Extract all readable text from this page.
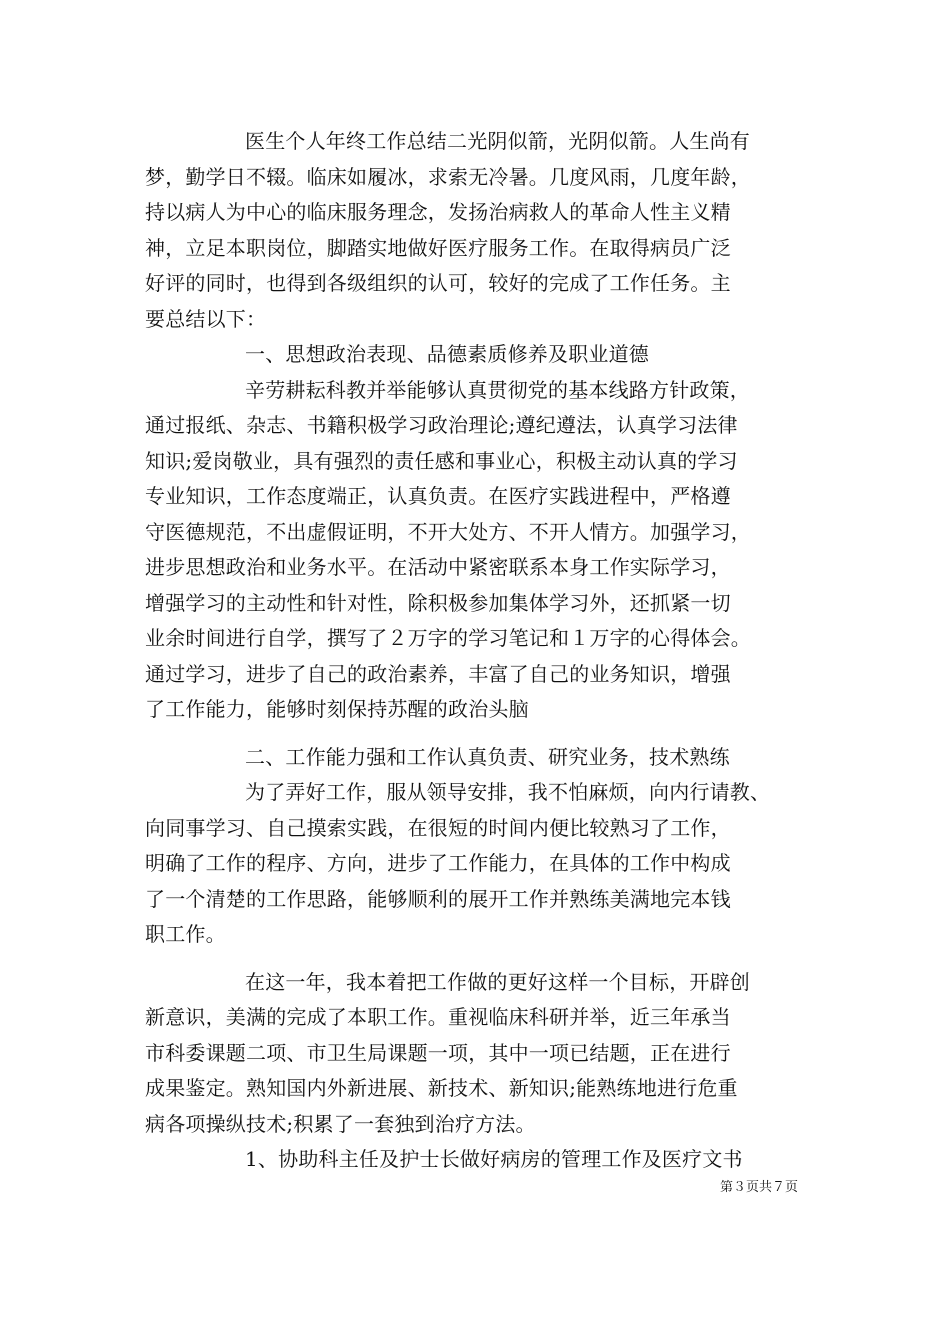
医生个人年终工作总结二光阴似箭，光阴似箭。人生尚有
梦，勤学日不辍。临床如履冰，求索无冷暑。几度风雨，几度年龄，
持以病人为中心的临床服务理念，发扬治病救人的革命人性主义精
神，立足本职岗位，脚踏实地做好医疗服务工作。在取得病员广泛
好评的同时，也得到各级组织的认可，较好的完成了工作任务。主
要总结以下：
一、思想政治表现、品德素质修养及职业道德
辛劳耕耘科教并举能够认真贯彻党的基本线路方针政策，
通过报纸、杂志、书籍积极学习政治理论;遵纪遵法，认真学习法律
知识;爱岗敬业，具有强烈的责任感和事业心，积极主动认真的学习
专业知识，工作态度端正，认真负责。在医疗实践进程中，严格遵
守医德规范，不出虚假证明，不开大处方、不开人情方。加强学习，
进步思想政治和业务水平。在活动中紧密联系本身工作实际学习，
增强学习的主动性和针对性，除积极参加集体学习外，还抓紧一切
业余时间进行自学，撰写了２万字的学习笔记和１万字的心得体会。
通过学习，进步了自己的政治素养，丰富了自己的业务知识，增强
了工作能力，能够时刻保持苏醒的政治头脑
二、工作能力强和工作认真负责、研究业务，技术熟练
为了弄好工作，服从领导安排，我不怕麻烦，向内行请教、
向同事学习、自己摸索实践，在很短的时间内便比较熟习了工作，
明确了工作的程序、方向，进步了工作能力，在具体的工作中构成
了一个清楚的工作思路，能够顺利的展开工作并熟练美满地完本钱
职工作。
在这一年，我本着把工作做的更好这样一个目标，开辟创
新意识，美满的完成了本职工作。重视临床科研并举，近三年承当
市科委课题二项、市卫生局课题一项，其中一项已结题，正在进行
成果鉴定。熟知国内外新进展、新技术、新知识;能熟练地进行危重
病各项操纵技术;积累了一套独到治疗方法。
1、协助科主任及护士长做好病房的管理工作及医疗文书
第３页共７页
